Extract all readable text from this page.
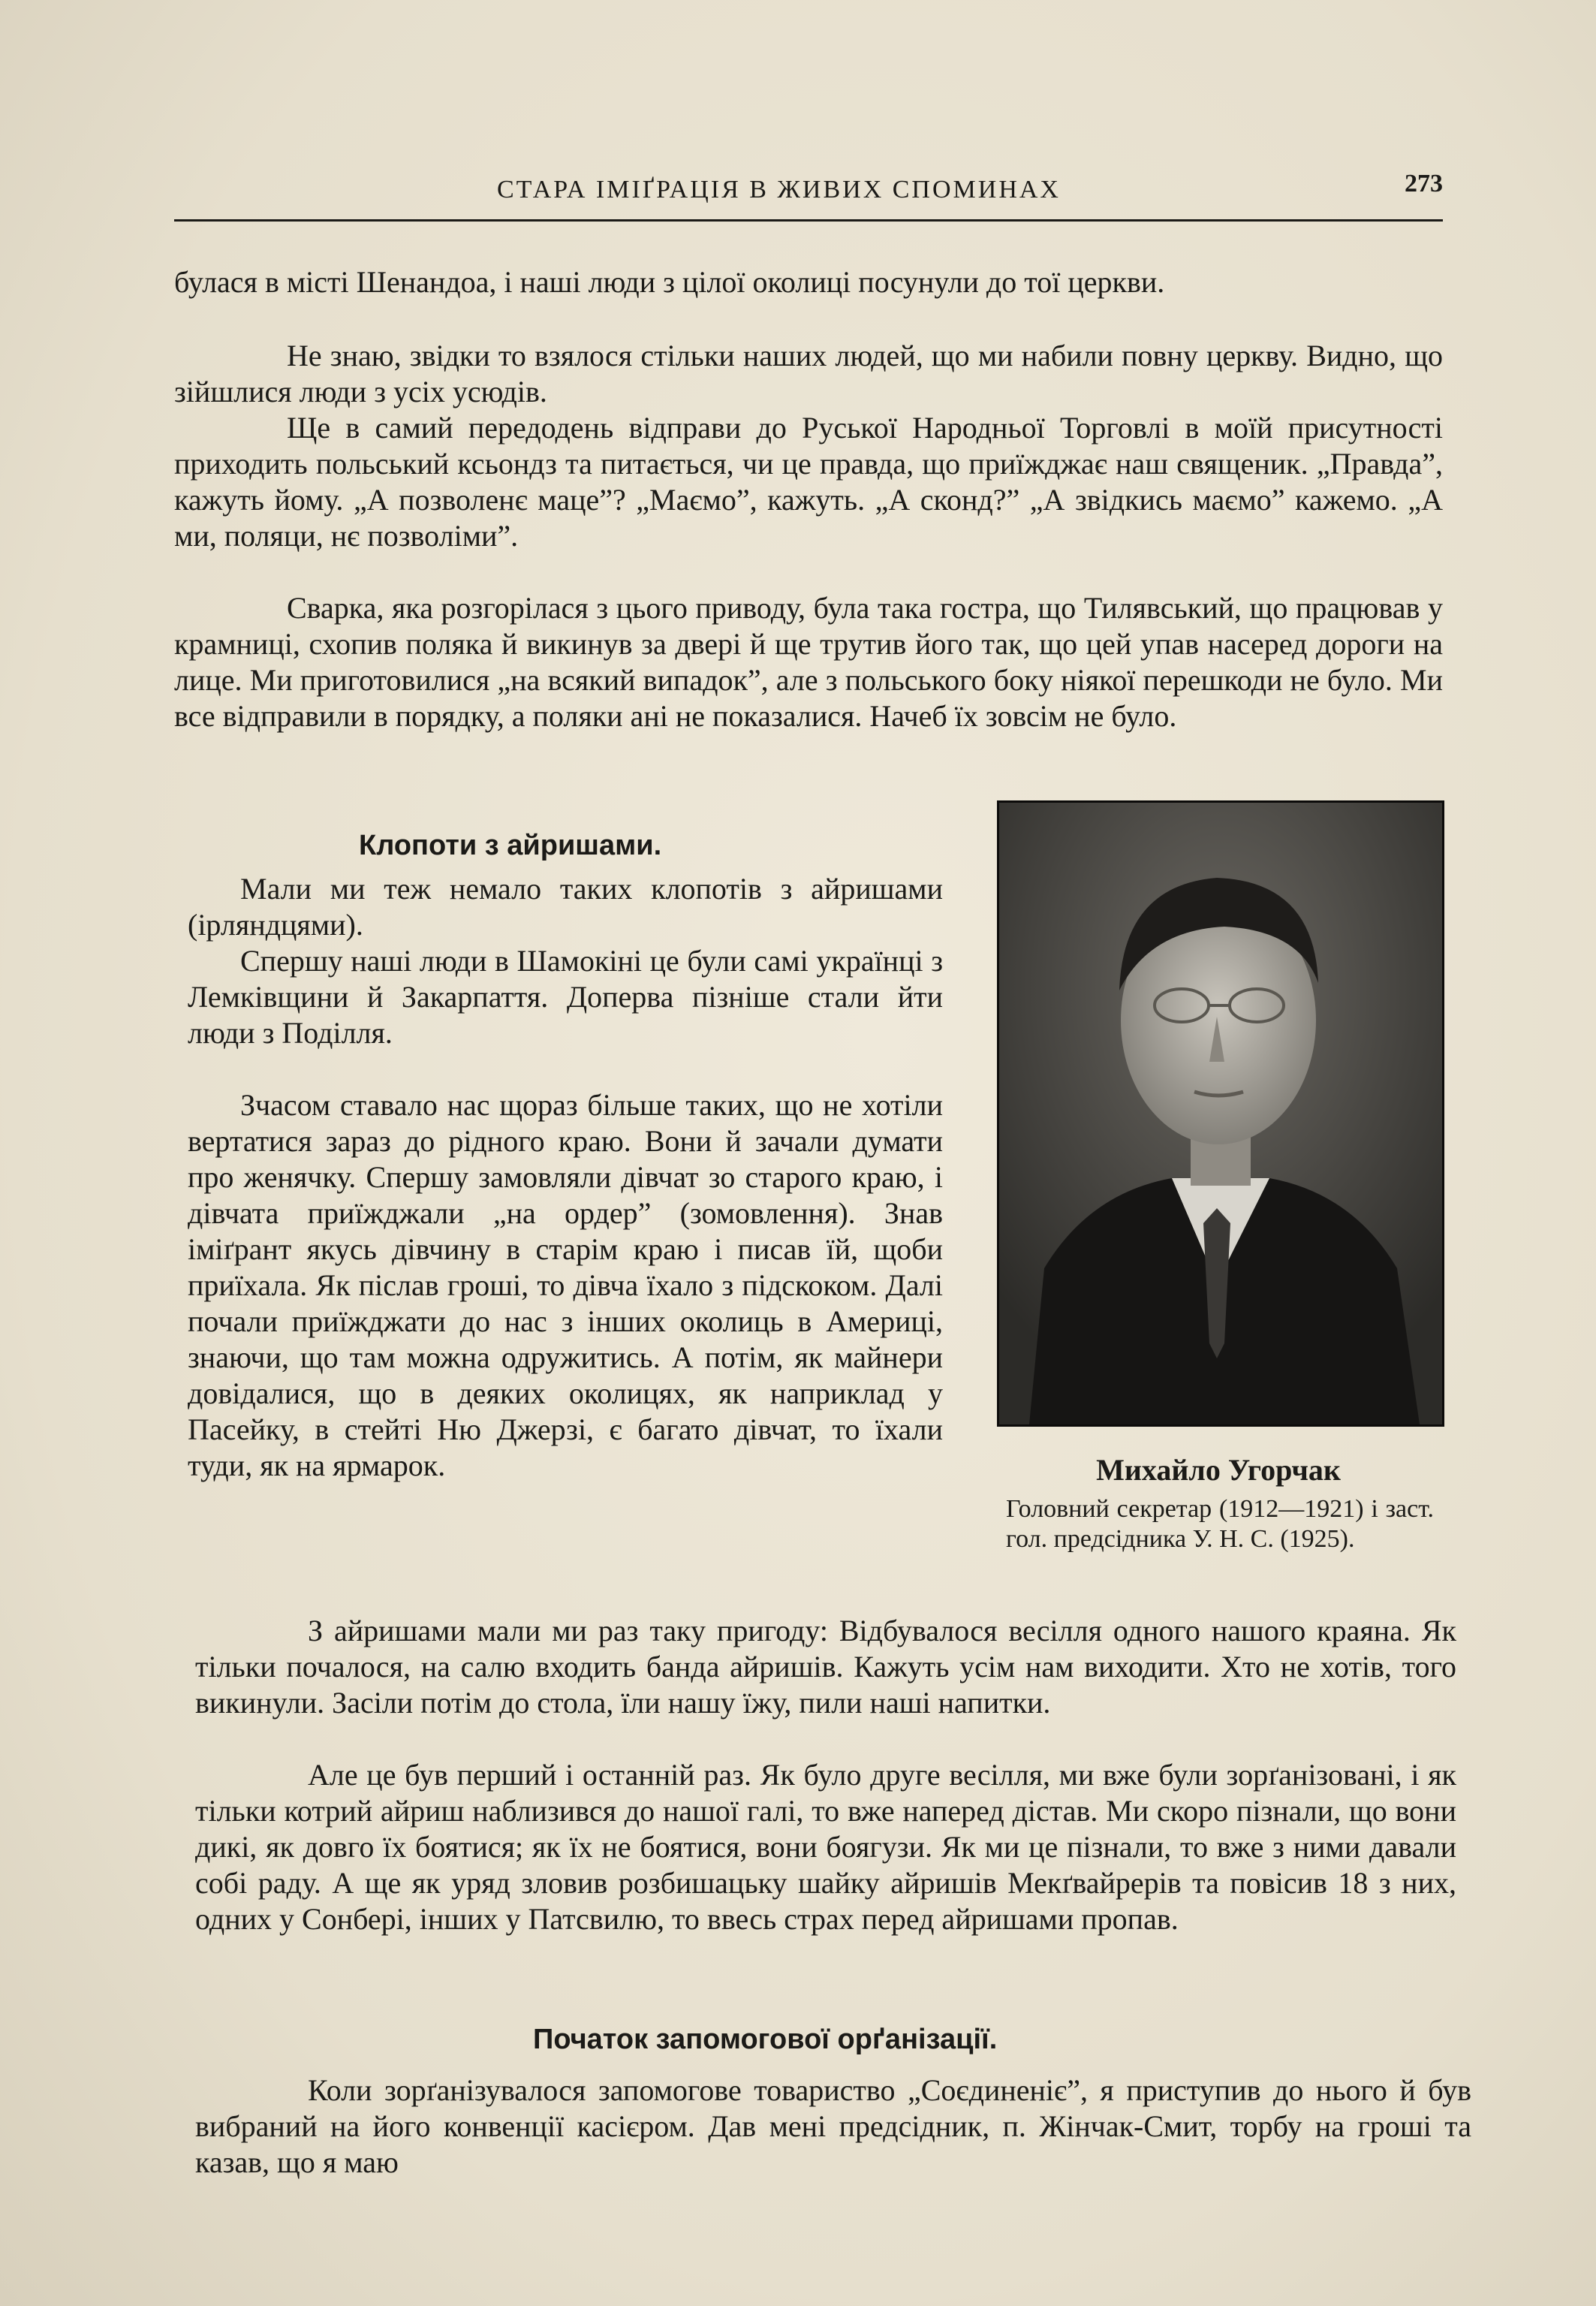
СТАРА ІМІҐРАЦІЯ В ЖИВИХ СПОМИНАХ	273

булася в місті Шенандоа, і наші люди з цілої околиці посунули до тої церкви.

Не знаю, звідки то взялося стільки наших людей, що ми набили повну церкву. Видно, що зійшлися люди з усіх усюдів.

Ще в самий передодень відправи до Руської Народньої Торговлі в моїй присутності приходить польський ксьондз та питається, чи це правда, що приїжджає наш священик. „Правда”, кажуть йому. „А позволенє маце”? „Маємо”, кажуть. „А сконд?” „А звідкись маємо” кажемо. „А ми, поляци, нє позволіми”.

Сварка, яка розгорілася з цього приводу, була така гостра, що Тилявський, що працював у крамниці, схопив поляка й викинув за двері й ще трутив його так, що цей упав насеред дороги на лице. Ми приготовилися „на всякий випадок”, але з польського боку ніякої перешкоди не було. Ми все відправили в порядку, а поляки ані не показалися. Начеб їх зовсім не було.

Клопоти з айришами.

Мали ми теж немало таких клопотів з айришами (ірляндцями).

Спершу наші люди в Шамокіні це були самі українці з Лемківщини й Закарпаття. Доперва пізніше стали йти люди з Поділля.

Зчасом ставало нас щораз більше таких, що не хотіли вертатися зараз до рідного краю. Вони й зачали думати про женячку. Спершу замовляли дівчат зо старого краю, і дівчата приїжджали „на ордер” (зомовлення). Знав іміґрант якусь дівчину в старім краю і писав їй, щоби приїхала. Як післав гроші, то дівча їхало з підскоком. Далі почали приїжджати до нас з інших околиць в Америці, знаючи, що там можна одружитись. А потім, як майнери довідалися, що в деяких околицях, як наприклад у Пасейку, в стейті Ню Джерзі, є багато дівчат, то їхали туди, як на ярмарок.	Михайло Угорчак

Головний секретар (1912—1921) і заст. гол. предсідника У. Н. С. (1925).

З айришами мали ми раз таку пригоду: Відбувалося весілля одного нашого краяна. Як тільки почалося, на салю входить банда айришів. Кажуть усім нам виходити. Хто не хотів, того викинули. Засіли потім до стола, їли нашу їжу, пили наші напитки.

Але це був перший і останній раз. Як було друге весілля, ми вже були зорґанізовані, і як тільки котрий айриш наблизився до нашої галі, то вже наперед дістав. Ми скоро пізнали, що вони дикі, як довго їх боятися; як їх не боятися, вони боягузи. Як ми це пізнали, то вже з ними давали собі раду. А ще як уряд зловив розбишацьку шайку айришів Мекґвайрерів та повісив 18 з них, одних у Сонбері, інших у Патсвилю, то ввесь страх перед айришами пропав.

Початок запомогової орґанізації.

Коли зорґанізувалося запомогове товариство „Соєдиненіє”, я приступив до нього й був вибраний на його конвенції касієром. Дав мені предсідник, п. Жінчак-Смит, торбу на гроші та казав, що я маю
